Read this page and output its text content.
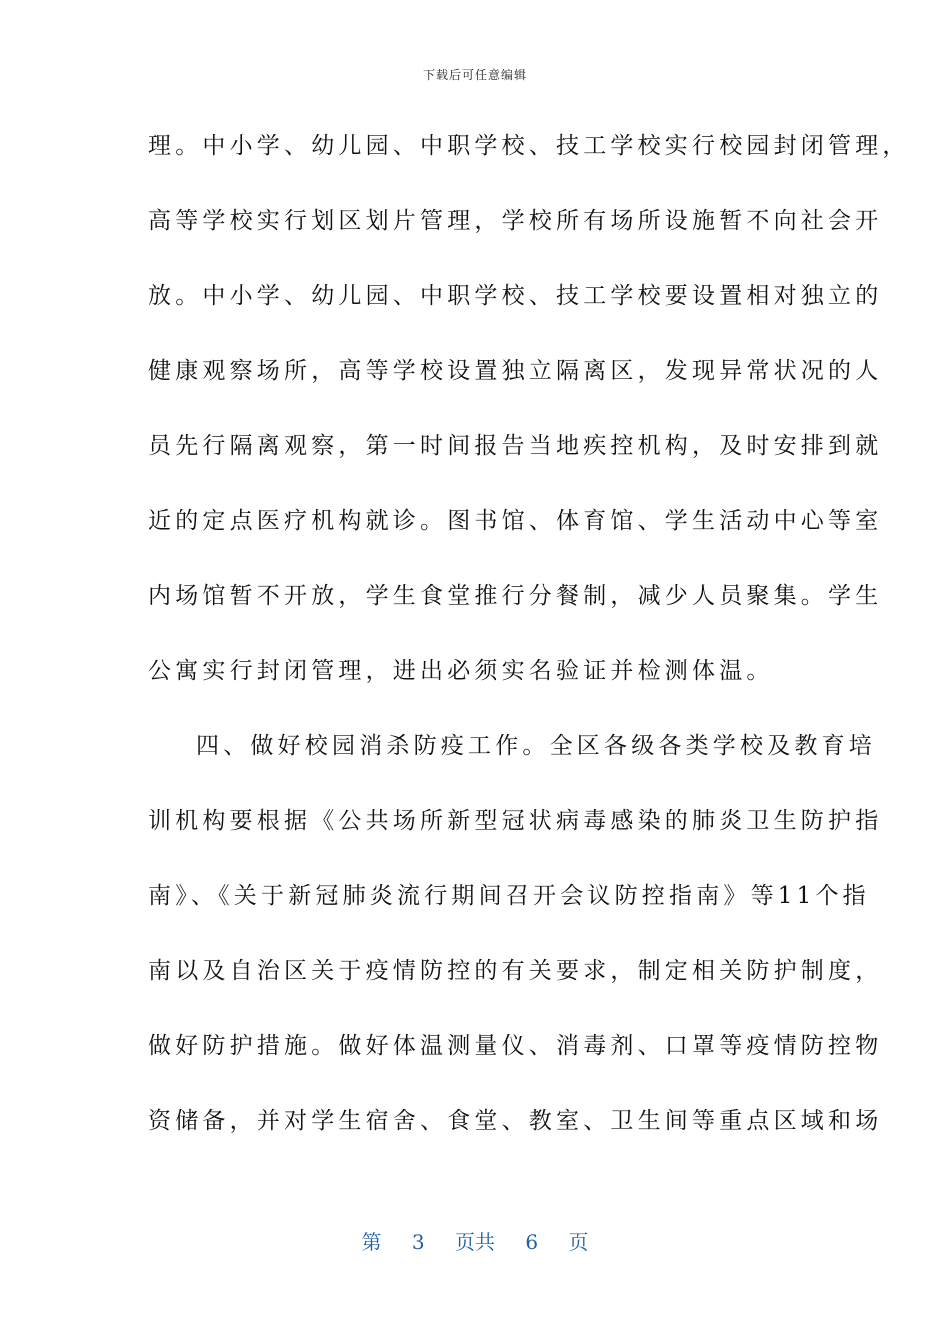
下载后可任意编辑
理。中小学、幼儿园、中职学校、技工学校实行校园封闭管理，
高等学校实行划区划片管理，学校所有场所设施暂不向社会开
放。中小学、幼儿园、中职学校、技工学校要设置相对独立的
健康观察场所，高等学校设置独立隔离区，发现异常状况的人
员先行隔离观察，第一时间报告当地疾控机构，及时安排到就
近的定点医疗机构就诊。图书馆、体育馆、学生活动中心等室
内场馆暂不开放，学生食堂推行分餐制，减少人员聚集。学生
公寓实行封闭管理，进出必须实名验证并检测体温。
四、做好校园消杀防疫工作。全区各级各类学校及教育培
训机构要根据《公共场所新型冠状病毒感染的肺炎卫生防护指
南》、《关于新冠肺炎流行期间召开会议防控指南》等11个指
南以及自治区关于疫情防控的有关要求，制定相关防护制度，
做好防护措施。做好体温测量仪、消毒剂、口罩等疫情防控物
资储备，并对学生宿舍、食堂、教室、卫生间等重点区域和场
第 3 页共 6 页
